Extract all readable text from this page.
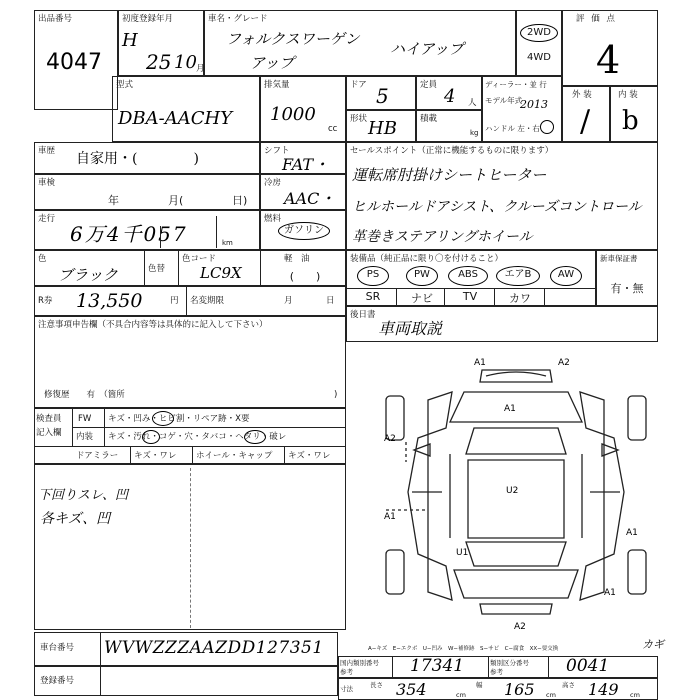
出品番号
4047
初度登録年月
H
25 10 月
車名・グレード
フォルクスワーゲン
アップ
ハイアップ
2WD
4WD
評 価 点
4
型式
DBA-AACHY
排気量
1000
cc
ドア 5	定員
4 人
ディーラー・並 行
モデル年式
2013
ハンドル 左・右
形状 HB	積載
kg
外 装	内 装
/ b
車歴 自家用・(　　　　)	シフト
FAT・
車検
年	月(	日)
冷房
AAC・
走行
6万4千057	km
燃料
ガソリン
色
ブラック	色替
色コード
LC9X
軽　油
(　　)
R券 13,550	円 名変期限	月	日
注意事項申告欄（不具合内容等は具体的に記入して下さい）
修復歴　　有　（箇所	)
セールスポイント（正常に機能するものに限ります）
運転席肘掛けシートヒーター
ヒルホールドアシスト、クルーズコントロール
革巻きステアリングホイール
装備品（純正品に限り〇を付けること）	新車保証書
有・無
PS	PW	ABS	エアB	AW
SR	ナビ	TV	カワ
後日書
車両取説
検査員
記入欄
FW キズ・凹み・ヒビ割・リペア跡・X要
内装 キズ・汚れ・コゲ・穴・タバコ・ヘタリ・破レ
ドアミラー キズ・ワレ ホイール・キャップ キズ・ワレ
下回りスレ、凹
各キズ、凹
A1	A2
A1
A2
A1
U2
A1
A1
U1
A2
A−キズ　E−エクボ　U−凹み　W−補修跡　S−サビ　C−腐食　XX−要交換	カギ
車台番号 WVWZZZAAZDD127351
登録番号
国内類別番号
参考	17341	類別区分番号
参考	0041
寸法	長さ 354	cm
幅 165 cm
高さ 149 cm
